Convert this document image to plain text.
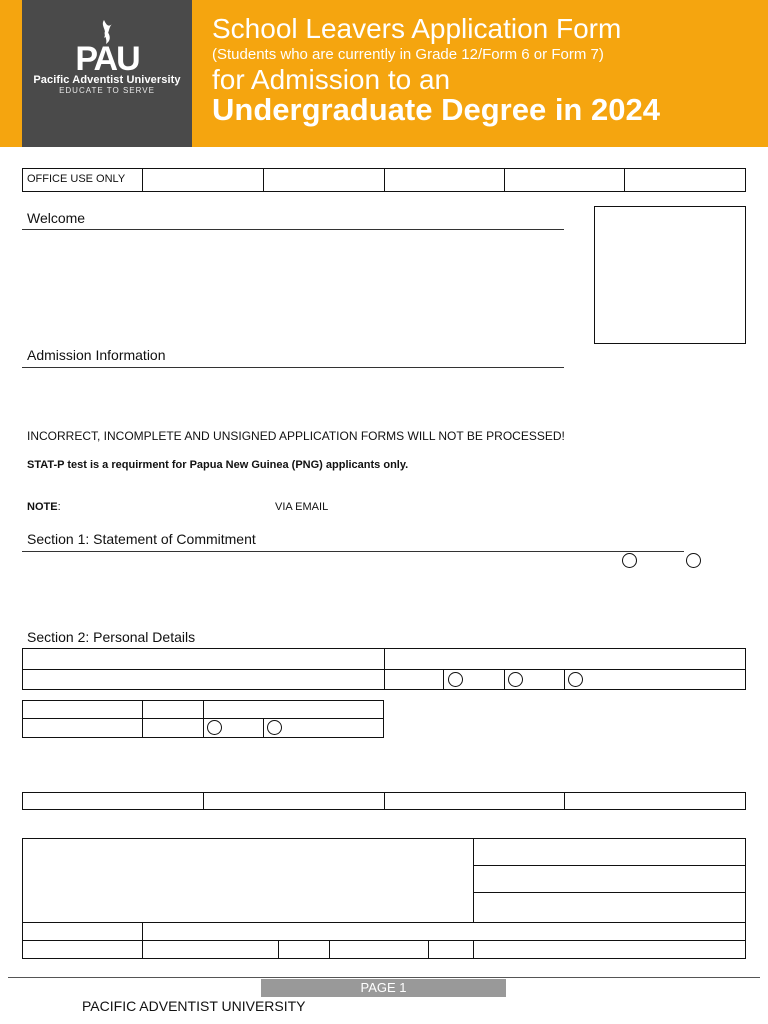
PAU
Pacific Adventist University
EDUCATE TO SERVE
School Leavers Application Form
(Students who are currently in Grade 12/Form 6 or Form 7)
for Admission to an
Undergraduate Degree in 2024
OFFICE USE ONLY
Welcome
Admission Information
INCORRECT, INCOMPLETE AND UNSIGNED APPLICATION FORMS WILL NOT BE PROCESSED!
STAT-P test is a requirment for Papua New Guinea (PNG) applicants only.
NOTE:	VIA EMAIL
Section 1: Statement of Commitment
Section 2: Personal Details
PAGE 1
PACIFIC ADVENTIST UNIVERSITY
